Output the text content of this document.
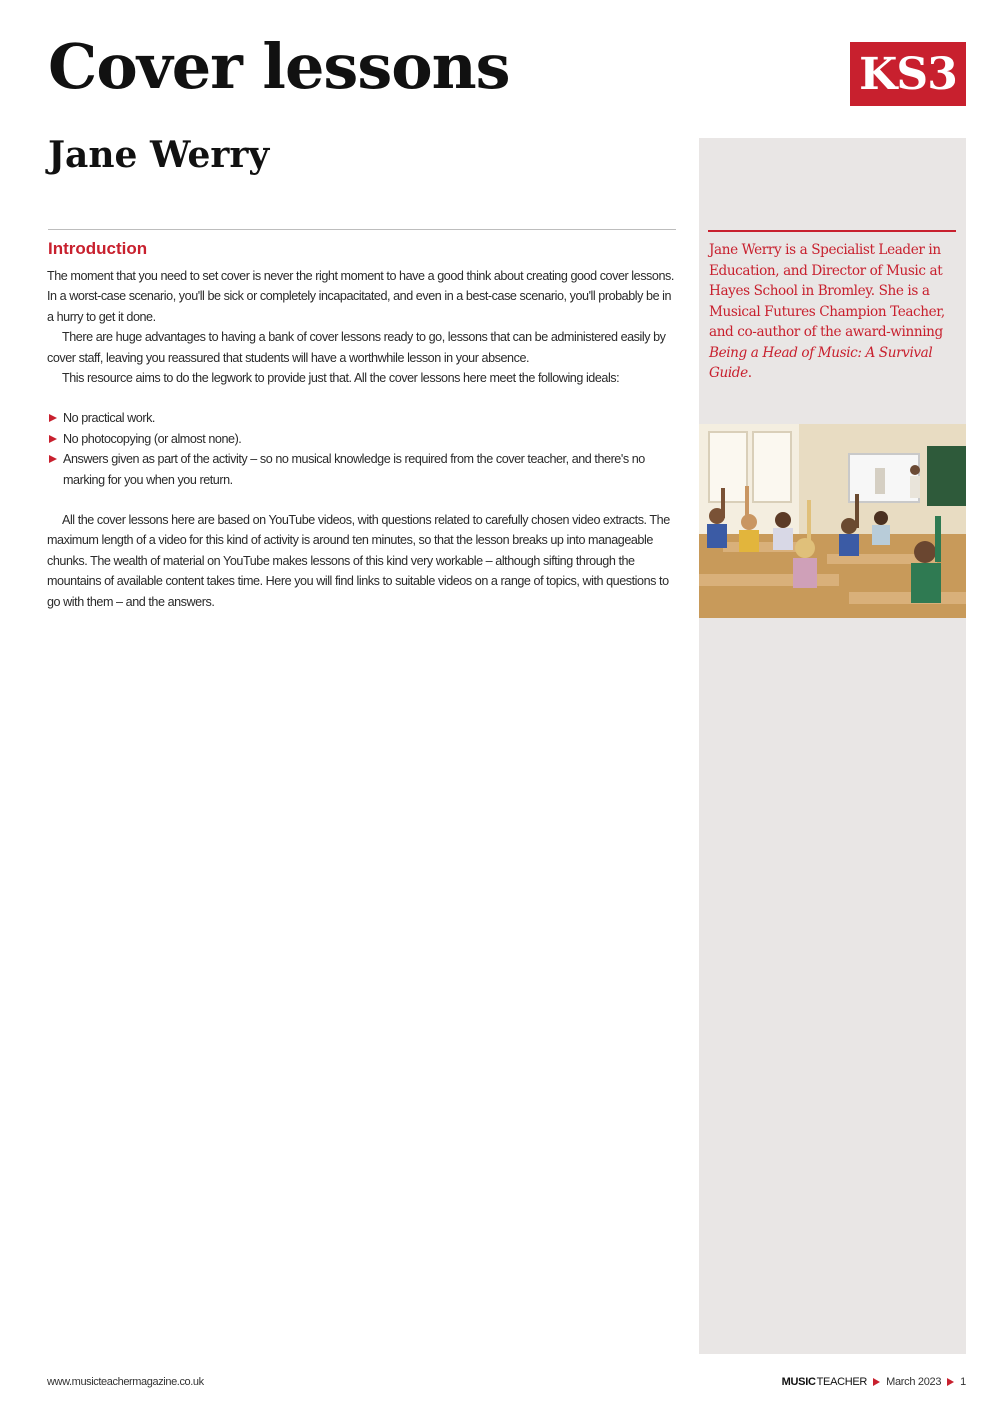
Cover lessons	KS3
Jane Werry

Jane Werry is a Specialist Leader in Education, and Director of Music at Hayes School in Bromley. She is a Musical Futures Champion Teacher, and co-author of the award-winning Being a Head of Music: A Survival Guide.

Introduction

The moment that you need to set cover is never the right moment to have a good think about creating good cover lessons. In a worst-case scenario, you'll be sick or completely incapacitated, and even in a best-case scenario, you'll probably be in a hurry to get it done.

There are huge advantages to having a bank of cover lessons ready to go, lessons that can be administered easily by cover staff, leaving you reassured that students will have a worthwhile lesson in your absence.

This resource aims to do the legwork to provide just that. All the cover lessons here meet the following ideals:

No practical work.
No photocopying (or almost none).
Answers given as part of the activity – so no musical knowledge is required from the cover teacher, and there's no marking for you when you return.

All the cover lessons here are based on YouTube videos, with questions related to carefully chosen video extracts. The maximum length of a video for this kind of activity is around ten minutes, so that the lesson breaks up into manageable chunks. The wealth of material on YouTube makes lessons of this kind very workable – although sifting through the mountains of available content takes time. Here you will find links to suitable videos on a range of topics, with questions to go with them – and the answers.

www.musicteachermagazine.co.uk	MUSIC TEACHER March 2023 1
